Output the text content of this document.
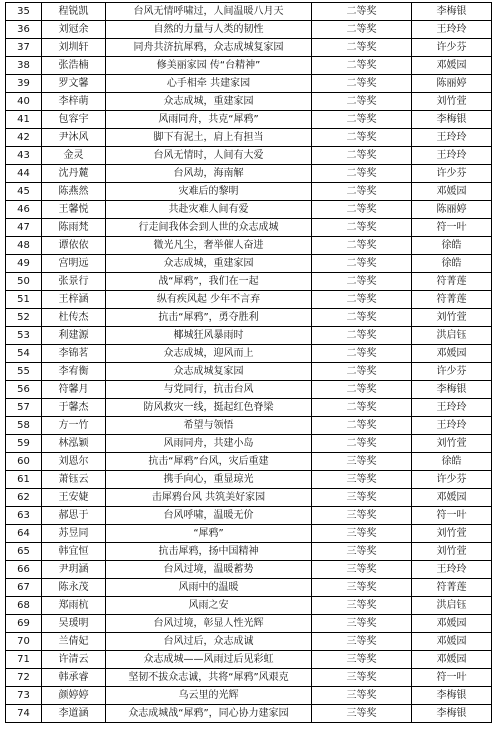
35	程锐凯	台风无情呼啸过，人间温暖八月天	二等奖	李梅银
36	刘冠余	自然的力量与人类的韧性	二等奖	王玲玲
37	刘圳轩	同舟共济抗犀鸦，众志成城复家园	二等奖	许少芬
38	张浩楠	修美丽家园 传“台精神”	二等奖	邓媛园
39	罗文馨	心手相牵 共建家园	二等奖	陈丽婷
40	李梓萌	众志成城，重建家园	二等奖	刘竹萱
41	包容宇	风雨同舟，共克“犀鸦”	二等奖	李梅银
42	尹沐风	脚下有泥土，肩上有担当	二等奖	王玲玲
43	金灵	台风无情时，人间有大爱	二等奖	王玲玲
44	沈丹麓	台风劫，海南解	二等奖	许少芬
45	陈燕然	灾难后的黎明	二等奖	邓媛园
46	王馨悦	共赴灾难人间有爱	二等奖	陈丽婷
47	陈雨梵	行走间我体会到人世的众志成城	二等奖	符一叶
48	谭依依	微光凡尘，奢举催人奋进	二等奖	徐皓
49	宫明远	众志成城，重建家园	二等奖	徐皓
50	张景行	战“犀鸦”，我们在一起	二等奖	符菁莲
51	王梓涵	纵有疾风起 少年不言弃	二等奖	符菁莲
52	杜传杰	抗击“犀鸦”，勇夺胜利	二等奖	刘竹萱
53	利建源	椰城狂风暴雨时	二等奖	洪启钰
54	李锦茗	众志成城，迎风而上	二等奖	邓媛园
55	李宥衡	众志成城复家园	二等奖	许少芬
56	符馨月	与党同行，抗击台风	二等奖	李梅银
57	于馨杰	防风救灾一线，挺起红色脊梁	二等奖	王玲玲
58	方一竹	希望与领悟	二等奖	王玲玲
59	林泓颖	风雨同舟，共建小岛	二等奖	刘竹萱
60	刘恩尔	抗击“犀鸦”台风，灾后重建	三等奖	徐皓
61	萧钰云	携手向心，重显琼光	三等奖	许少芬
62	王安婕	击犀鸦台风 共筑美好家园	三等奖	邓媛园
63	郝思于	台风呼啸，温暖无价	三等奖	符一叶
64	苏昱同	“犀鸦”	三等奖	刘竹萱
65	韩宜恒	抗击犀鸦，扬中国精神	三等奖	刘竹萱
66	尹玥涵	台风过境，温暖蓄势	三等奖	王玲玲
67	陈永茂	风雨中的温暖	三等奖	符菁莲
68	郑雨杭	风雨之安	三等奖	洪启钰
69	吴瑗明	台风过境，彰显人性光辉	三等奖	邓媛园
70	兰倩妃	台风过后，众志成诚	三等奖	邓媛园
71	许清云	众志成城——风雨过后见彩虹	三等奖	邓媛园
72	韩承睿	坚韧不拔众志诚，共将“犀鸦”风艰克	三等奖	符一叶
73	颜婷婷	乌云里的光辉	三等奖	李梅银
74	李道涵	众志成城战“犀鸦”，同心协力建家园	三等奖	李梅银
